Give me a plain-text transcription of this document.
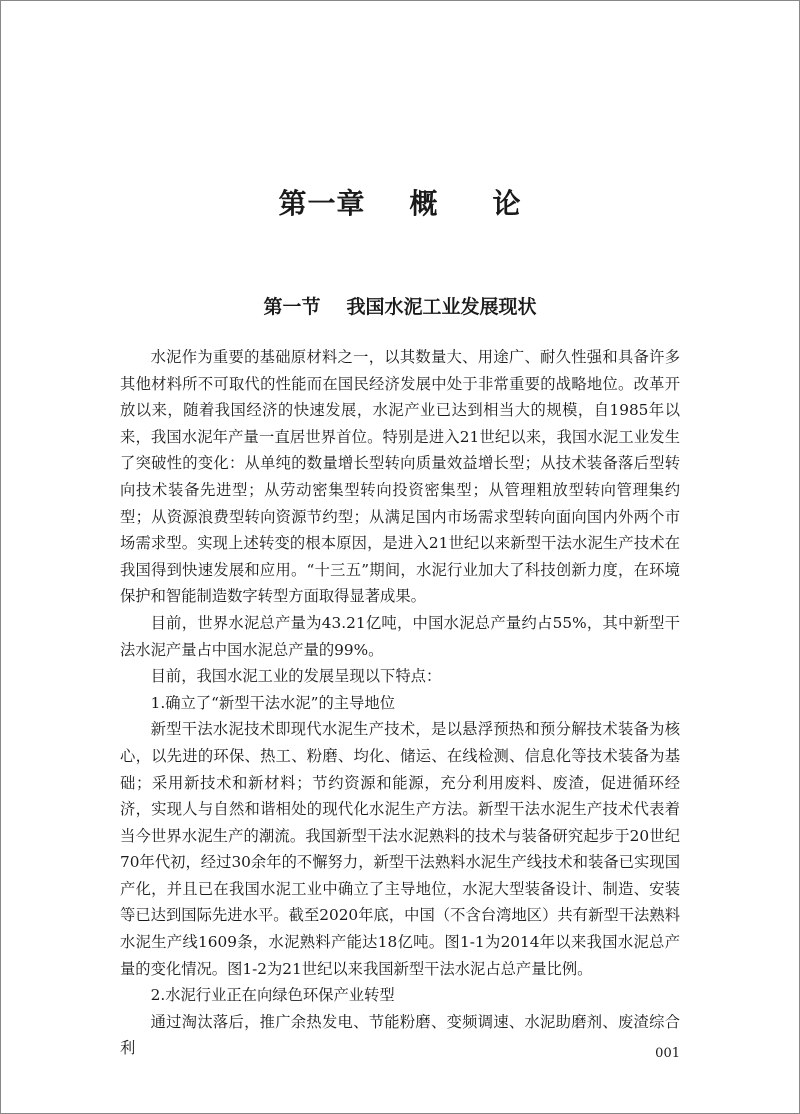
第一章 概 论
第一节 我国水泥工业发展现状

水泥作为重要的基础原材料之一，以其数量大、用途广、耐久性强和具备许多其他材料所不可取代的性能而在国民经济发展中处于非常重要的战略地位。改革开放以来，随着我国经济的快速发展，水泥产业已达到相当大的规模，自1985年以来，我国水泥年产量一直居世界首位。特别是进入21世纪以来，我国水泥工业发生了突破性的变化：从单纯的数量增长型转向质量效益增长型；从技术装备落后型转向技术装备先进型；从劳动密集型转向投资密集型；从管理粗放型转向管理集约型；从资源浪费型转向资源节约型；从满足国内市场需求型转向面向国内外两个市场需求型。实现上述转变的根本原因，是进入21世纪以来新型干法水泥生产技术在我国得到快速发展和应用。“十三五”期间，水泥行业加大了科技创新力度，在环境保护和智能制造数字转型方面取得显著成果。

目前，世界水泥总产量为43.21亿吨，中国水泥总产量约占55%，其中新型干法水泥产量占中国水泥总产量的99%。

目前，我国水泥工业的发展呈现以下特点：

1.确立了“新型干法水泥”的主导地位

新型干法水泥技术即现代水泥生产技术，是以悬浮预热和预分解技术装备为核心，以先进的环保、热工、粉磨、均化、储运、在线检测、信息化等技术装备为基础；采用新技术和新材料；节约资源和能源，充分利用废料、废渣，促进循环经济，实现人与自然和谐相处的现代化水泥生产方法。新型干法水泥生产技术代表着当今世界水泥生产的潮流。我国新型干法水泥熟料的技术与装备研究起步于20世纪70年代初，经过30余年的不懈努力，新型干法熟料水泥生产线技术和装备已实现国产化，并且已在我国水泥工业中确立了主导地位，水泥大型装备设计、制造、安装等已达到国际先进水平。截至2020年底，中国（不含台湾地区）共有新型干法熟料水泥生产线1609条，水泥熟料产能达18亿吨。图1-1为2014年以来我国水泥总产量的变化情况。图1-2为21世纪以来我国新型干法水泥占总产量比例。

2.水泥行业正在向绿色环保产业转型

通过淘汰落后，推广余热发电、节能粉磨、变频调速、水泥助磨剂、废渣综合利	001
